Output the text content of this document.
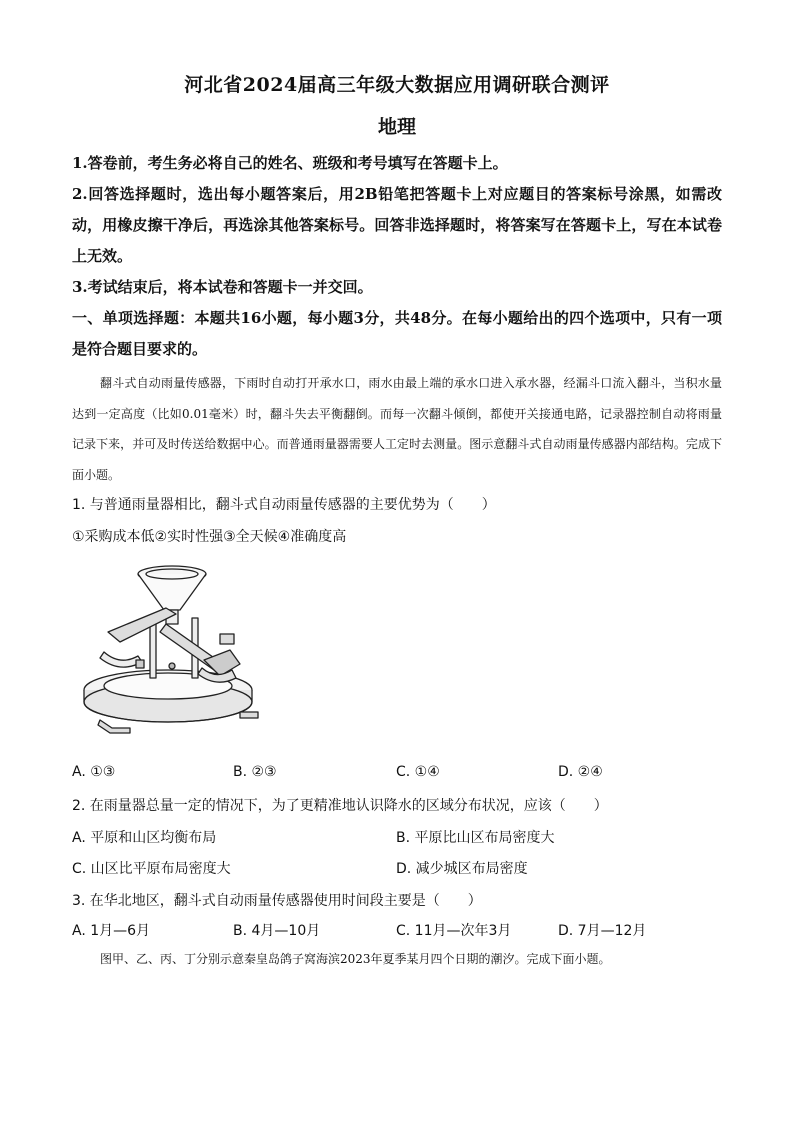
河北省2024届高三年级大数据应用调研联合测评
地理

1.答卷前，考生务必将自己的姓名、班级和考号填写在答题卡上。

2.回答选择题时，选出每小题答案后，用2B铅笔把答题卡上对应题目的答案标号涂黑，如需改动，用橡皮擦干净后，再选涂其他答案标号。回答非选择题时，将答案写在答题卡上，写在本试卷上无效。

3.考试结束后，将本试卷和答题卡一并交回。

一、单项选择题：本题共16小题，每小题3分，共48分。在每小题给出的四个选项中，只有一项是符合题目要求的。

翻斗式自动雨量传感器，下雨时自动打开承水口，雨水由最上端的承水口进入承水器，经漏斗口流入翻斗，当积水量达到一定高度（比如0.01毫米）时，翻斗失去平衡翻倒。而每一次翻斗倾倒，都使开关接通电路，记录器控制自动将雨量记录下来，并可及时传送给数据中心。而普通雨量器需要人工定时去测量。图示意翻斗式自动雨量传感器内部结构。完成下面小题。

1. 与普通雨量器相比，翻斗式自动雨量传感器的主要优势为（　　）

①采购成本低②实时性强③全天候④准确度高

A. ①③	B. ②③	C. ①④	D. ②④

2. 在雨量器总量一定的情况下，为了更精准地认识降水的区域分布状况，应该（　　）

A. 平原和山区均衡布局	B. 平原比山区布局密度大
C. 山区比平原布局密度大	D. 减少城区布局密度

3. 在华北地区，翻斗式自动雨量传感器使用时间段主要是（　　）

A. 1月—6月	B. 4月—10月	C. 11月—次年3月	D. 7月—12月

图甲、乙、丙、丁分别示意秦皇岛鸽子窝海滨2023年夏季某月四个日期的潮汐。完成下面小题。
